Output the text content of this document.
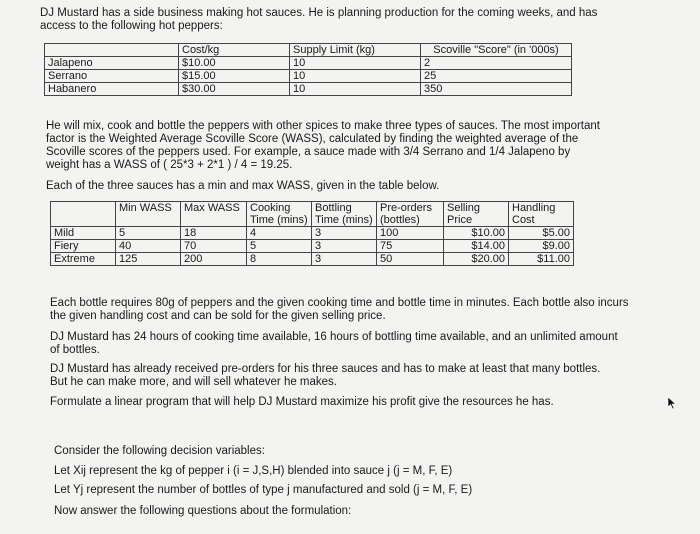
DJ Mustard has a side business making hot sauces. He is planning production for the coming weeks, and has access to the following hot peppers:

	Cost/kg	Supply Limit (kg)	Scoville "Score" (in '000s)
Jalapeno	$10.00	10	2
Serrano	$15.00	10	25
Habanero	$30.00	10	350

He will mix, cook and bottle the peppers with other spices to make three types of sauces. The most important factor is the Weighted Average Scoville Score (WASS), calculated by finding the weighted average of the Scoville scores of the peppers used. For example, a sauce made with 3/4 Serrano and 1/4 Jalapeno by weight has a WASS of ( 25*3 + 2*1 ) / 4 = 19.25.

Each of the three sauces has a min and max WASS, given in the table below.

	Min WASS	Max WASS	Cooking Time (mins)	Bottling Time (mins)	Pre-orders (bottles)	Selling Price	Handling Cost
Mild	5	18	4	3	100	$10.00	$5.00
Fiery	40	70	5	3	75	$14.00	$9.00
Extreme	125	200	8	3	50	$20.00	$11.00

Each bottle requires 80g of peppers and the given cooking time and bottle time in minutes. Each bottle also incurs the given handling cost and can be sold for the given selling price.

DJ Mustard has 24 hours of cooking time available, 16 hours of bottling time available, and an unlimited amount of bottles.

DJ Mustard has already received pre-orders for his three sauces and has to make at least that many bottles. But he can make more, and will sell whatever he makes.

Formulate a linear program that will help DJ Mustard maximize his profit give the resources he has.

Consider the following decision variables:

Let Xij represent the kg of pepper i (i = J,S,H) blended into sauce j (j = M, F, E)

Let Yj represent the number of bottles of type j manufactured and sold (j = M, F, E)

Now answer the following questions about the formulation:
